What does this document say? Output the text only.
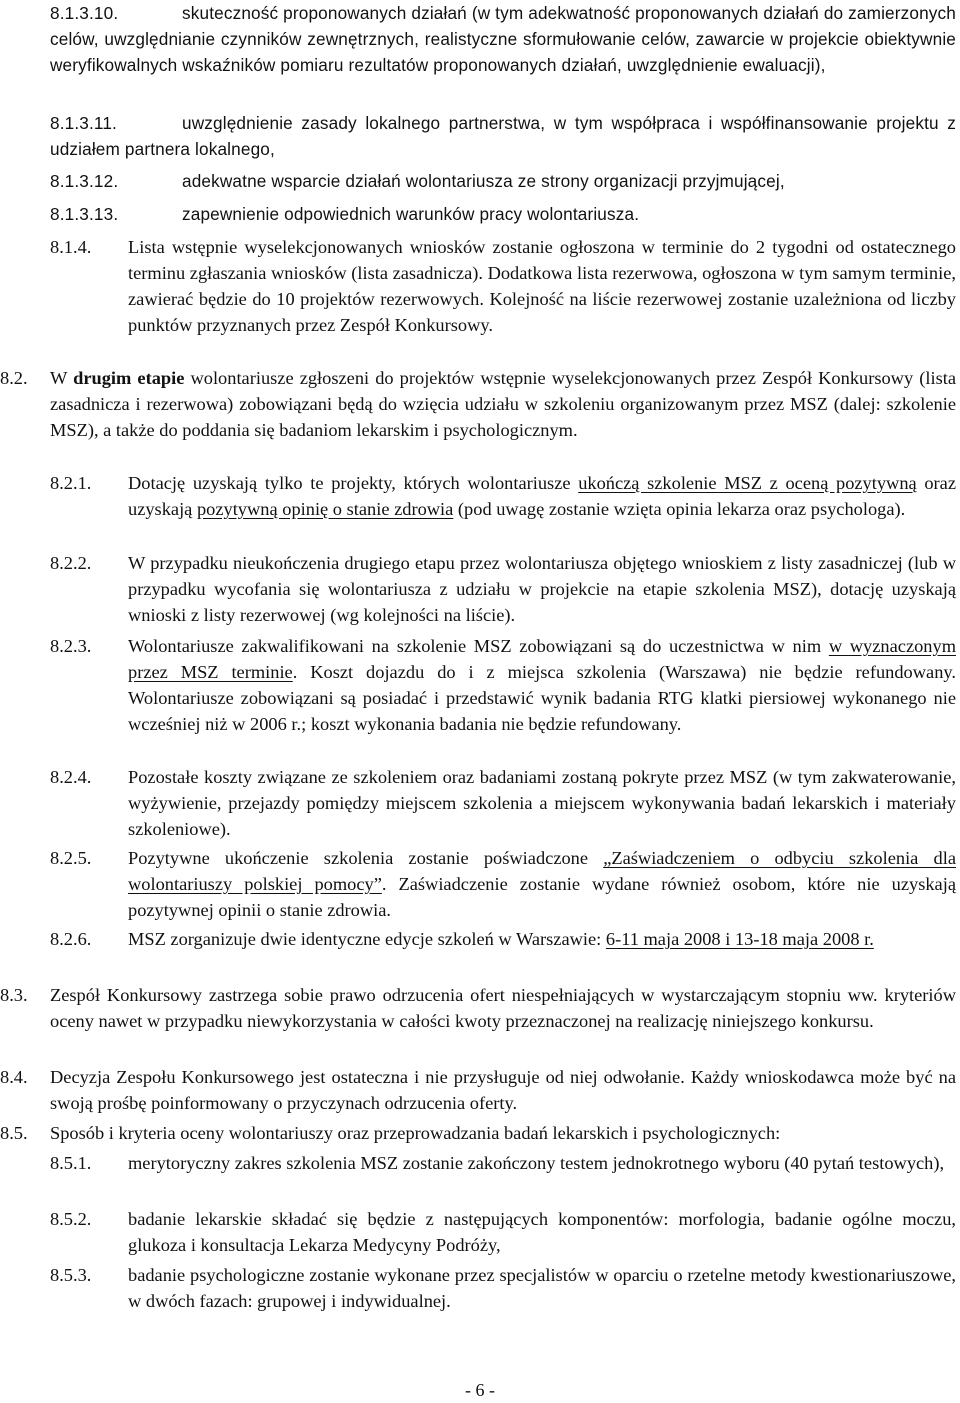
8.1.3.10.	skuteczność proponowanych działań (w tym adekwatność proponowanych działań do zamierzonych celów, uwzględnianie czynników zewnętrznych, realistyczne sformułowanie celów, zawarcie w projekcie obiektywnie weryfikowalnych wskaźników pomiaru rezultatów proponowanych działań, uwzględnienie ewaluacji),
8.1.3.11.	uwzględnienie zasady lokalnego partnerstwa, w tym współpraca i współfinansowanie projektu z udziałem partnera lokalnego,
8.1.3.12.	adekwatne wsparcie działań wolontariusza ze strony organizacji przyjmującej,
8.1.3.13.	zapewnienie odpowiednich warunków pracy wolontariusza.
8.1.4.	Lista wstępnie wyselekcjonowanych wniosków zostanie ogłoszona w terminie do 2 tygodni od ostatecznego terminu zgłaszania wniosków (lista zasadnicza). Dodatkowa lista rezerwowa, ogłoszona w tym samym terminie, zawierać będzie do 10 projektów rezerwowych. Kolejność na liście rezerwowej zostanie uzależniona od liczby punktów przyznanych przez Zespół Konkursowy.
8.2.	W drugim etapie wolontariusze zgłoszeni do projektów wstępnie wyselekcjonowanych przez Zespół Konkursowy (lista zasadnicza i rezerwowa) zobowiązani będą do wzięcia udziału w szkoleniu organizowanym przez MSZ (dalej: szkolenie MSZ), a także do poddania się badaniom lekarskim i psychologicznym.
8.2.1.	Dotację uzyskają tylko te projekty, których wolontariusze ukończą szkolenie MSZ z oceną pozytywną oraz uzyskają pozytywną opinię o stanie zdrowia (pod uwagę zostanie wzięta opinia lekarza oraz psychologa).
8.2.2.	W przypadku nieukończenia drugiego etapu przez wolontariusza objętego wnioskiem z listy zasadniczej (lub w przypadku wycofania się wolontariusza z udziału w projekcie na etapie szkolenia MSZ), dotację uzyskają wnioski z listy rezerwowej (wg kolejności na liście).
8.2.3.	Wolontariusze zakwalifikowani na szkolenie MSZ zobowiązani są do uczestnictwa w nim w wyznaczonym przez MSZ terminie. Koszt dojazdu do i z miejsca szkolenia (Warszawa) nie będzie refundowany. Wolontariusze zobowiązani są posiadać i przedstawić wynik badania RTG klatki piersiowej wykonanego nie wcześniej niż w 2006 r.; koszt wykonania badania nie będzie refundowany.
8.2.4.	Pozostałe koszty związane ze szkoleniem oraz badaniami zostaną pokryte przez MSZ (w tym zakwaterowanie, wyżywienie, przejazdy pomiędzy miejscem szkolenia a miejscem wykonywania badań lekarskich i materiały szkoleniowe).
8.2.5.	Pozytywne ukończenie szkolenia zostanie poświadczone „Zaświadczeniem o odbyciu szkolenia dla wolontariuszy polskiej pomocy”. Zaświadczenie zostanie wydane również osobom, które nie uzyskają pozytywnej opinii o stanie zdrowia.
8.2.6.	MSZ zorganizuje dwie identyczne edycje szkoleń w Warszawie: 6-11 maja 2008 i 13-18 maja 2008 r.
8.3.	Zespół Konkursowy zastrzega sobie prawo odrzucenia ofert niespełniających w wystarczającym stopniu ww. kryteriów oceny nawet w przypadku niewykorzystania w całości kwoty przeznaczonej na realizację niniejszego konkursu.
8.4.	Decyzja Zespołu Konkursowego jest ostateczna i nie przysługuje od niej odwołanie. Każdy wnioskodawca może być na swoją prośbę poinformowany o przyczynach odrzucenia oferty.
8.5.	Sposób i kryteria oceny wolontariuszy oraz przeprowadzania badań lekarskich i psychologicznych:
8.5.1.	merytoryczny zakres szkolenia MSZ zostanie zakończony testem jednokrotnego wyboru (40 pytań testowych),
8.5.2.	badanie lekarskie składać się będzie z następujących komponentów: morfologia, badanie ogólne moczu, glukoza i konsultacja Lekarza Medycyny Podróży,
8.5.3.	badanie psychologiczne zostanie wykonane przez specjalistów w oparciu o rzetelne metody kwestionariuszowe, w dwóch fazach: grupowej i indywidualnej.
- 6 -
